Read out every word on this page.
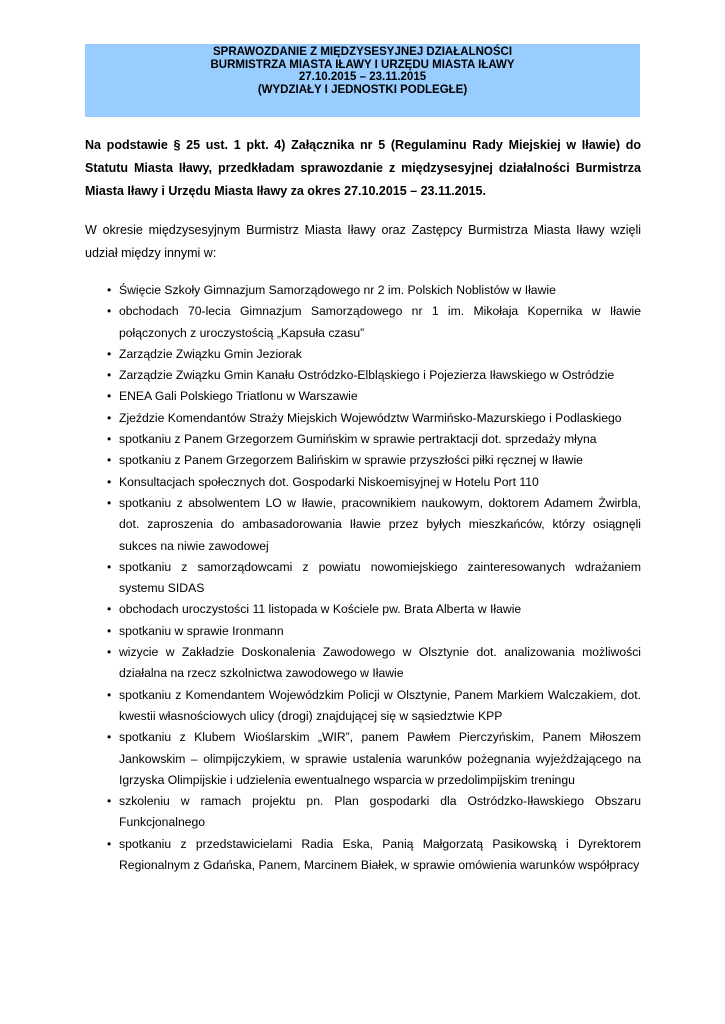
SPRAWOZDANIE Z MIĘDZYSESYJNEJ DZIAŁALNOŚCI
BURMISTRZA MIASTA IŁAWY I URZĘDU MIASTA IŁAWY
27.10.2015 – 23.11.2015
(WYDZIAŁY I JEDNOSTKI PODLEGŁE)

Na podstawie § 25 ust. 1 pkt. 4) Załącznika nr 5 (Regulaminu Rady Miejskiej w Iławie) do Statutu Miasta Iławy, przedkładam sprawozdanie z międzysesyjnej działalności Burmistrza Miasta Iławy i Urzędu Miasta Iławy za okres 27.10.2015 – 23.11.2015.

W okresie międzysesyjnym Burmistrz Miasta Iławy oraz Zastępcy Burmistrza Miasta Iławy wzięli udział między innymi w:

• Święcie Szkoły Gimnazjum Samorządowego nr 2 im. Polskich Noblistów w Iławie
• obchodach 70-lecia Gimnazjum Samorządowego nr 1 im. Mikołaja Kopernika w Iławie połączonych z uroczystością „Kapsuła czasu”
• Zarządzie Związku Gmin Jeziorak
• Zarządzie Związku Gmin Kanału Ostródzko-Elbląskiego i Pojezierza Iławskiego w Ostródzie
• ENEA Gali Polskiego Triatlonu w Warszawie
• Zjeździe Komendantów Straży Miejskich Województw Warmińsko-Mazurskiego i Podlaskiego
• spotkaniu z Panem Grzegorzem Gumińskim w sprawie pertraktacji dot. sprzedaży młyna
• spotkaniu z Panem Grzegorzem Balińskim w sprawie przyszłości piłki ręcznej w Iławie
• Konsultacjach społecznych dot. Gospodarki Niskoemisyjnej w Hotelu Port 110
• spotkaniu z absolwentem LO w Iławie, pracownikiem naukowym, doktorem Adamem Żwirbla, dot. zaproszenia do ambasadorowania Iławie przez byłych mieszkańców, którzy osiągnęli sukces na niwie zawodowej
• spotkaniu z samorządowcami z powiatu nowomiejskiego zainteresowanych wdrażaniem systemu SIDAS
• obchodach uroczystości 11 listopada w Kościele pw. Brata Alberta w Iławie
• spotkaniu w sprawie Ironmann
• wizycie w Zakładzie Doskonalenia Zawodowego w Olsztynie dot. analizowania możliwości działalna na rzecz szkolnictwa zawodowego w Iławie
• spotkaniu z Komendantem Wojewódzkim Policji w Olsztynie, Panem Markiem Walczakiem, dot. kwestii własnościowych ulicy (drogi) znajdującej się w sąsiedztwie KPP
• spotkaniu z Klubem Wioślarskim „WIR”, panem Pawłem Pierczyńskim, Panem Miłoszem Jankowskim – olimpijczykiem, w sprawie ustalenia warunków pożegnania wyjeżdżającego na Igrzyska Olimpijskie i udzielenia ewentualnego wsparcia w przedolimpijskim treningu
• szkoleniu w ramach projektu pn. Plan gospodarki dla Ostródzko-Iławskiego Obszaru Funkcjonalnego
• spotkaniu z przedstawicielami Radia Eska, Panią Małgorzatą Pasikowską i Dyrektorem Regionalnym z Gdańska, Panem, Marcinem Białek, w sprawie omówienia warunków współpracy
